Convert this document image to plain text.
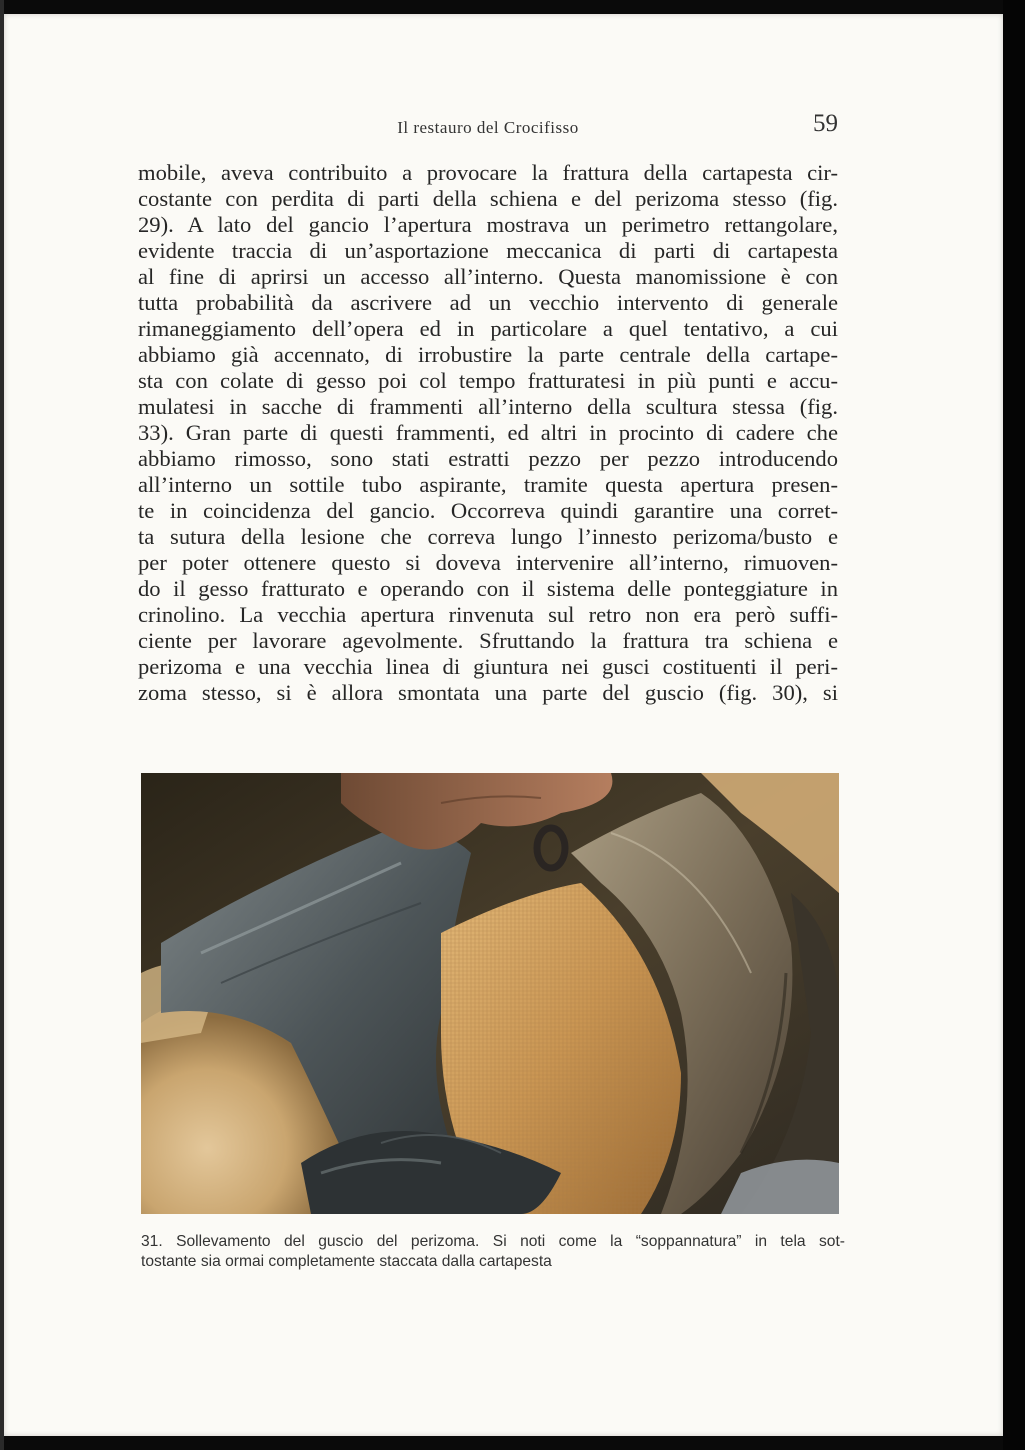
Il restauro del Crocifisso	59
mobile, aveva contribuito a provocare la frattura della cartapesta cir-
costante con perdita di parti della schiena e del perizoma stesso (fig.
29). A lato del gancio l’apertura mostrava un perimetro rettangolare,
evidente traccia di un’asportazione meccanica di parti di cartapesta
al fine di aprirsi un accesso all’interno. Questa manomissione è con
tutta probabilità da ascrivere ad un vecchio intervento di generale
rimaneggiamento dell’opera ed in particolare a quel tentativo, a cui
abbiamo già accennato, di irrobustire la parte centrale della cartape-
sta con colate di gesso poi col tempo fratturatesi in più punti e accu-
mulatesi in sacche di frammenti all’interno della scultura stessa (fig.
33). Gran parte di questi frammenti, ed altri in procinto di cadere che
abbiamo rimosso, sono stati estratti pezzo per pezzo introducendo
all’interno un sottile tubo aspirante, tramite questa apertura presen-
te in coincidenza del gancio. Occorreva quindi garantire una corret-
ta sutura della lesione che correva lungo l’innesto perizoma/busto e
per poter ottenere questo si doveva intervenire all’interno, rimuoven-
do il gesso fratturato e operando con il sistema delle ponteggiature in
crinolino. La vecchia apertura rinvenuta sul retro non era però suffi-
ciente per lavorare agevolmente. Sfruttando la frattura tra schiena e
perizoma e una vecchia linea di giuntura nei gusci costituenti il peri-
zoma stesso, si è allora smontata una parte del guscio (fig. 30), si
31. Sollevamento del guscio del perizoma. Si noti come la “soppannatura” in tela sot-
tostante sia ormai completamente staccata dalla cartapesta
